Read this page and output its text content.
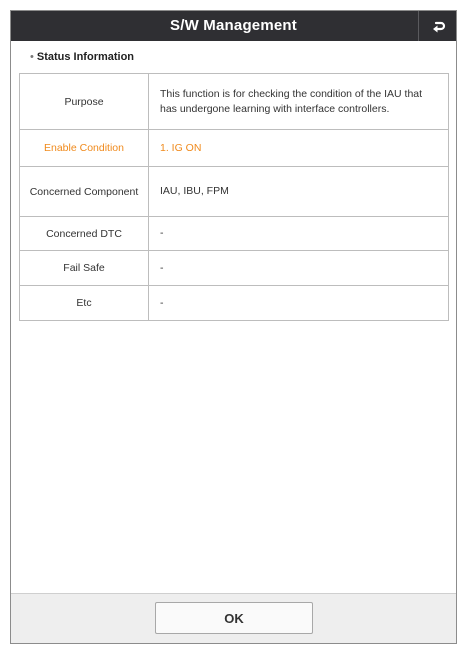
S/W Management
• Status Information
Purpose	This function is for checking the condition of the IAU that has undergone learning with interface controllers.
Enable Condition	1. IG ON
Concerned Component	IAU, IBU, FPM
Concerned DTC	-
Fail Safe	-
Etc	-
OK
